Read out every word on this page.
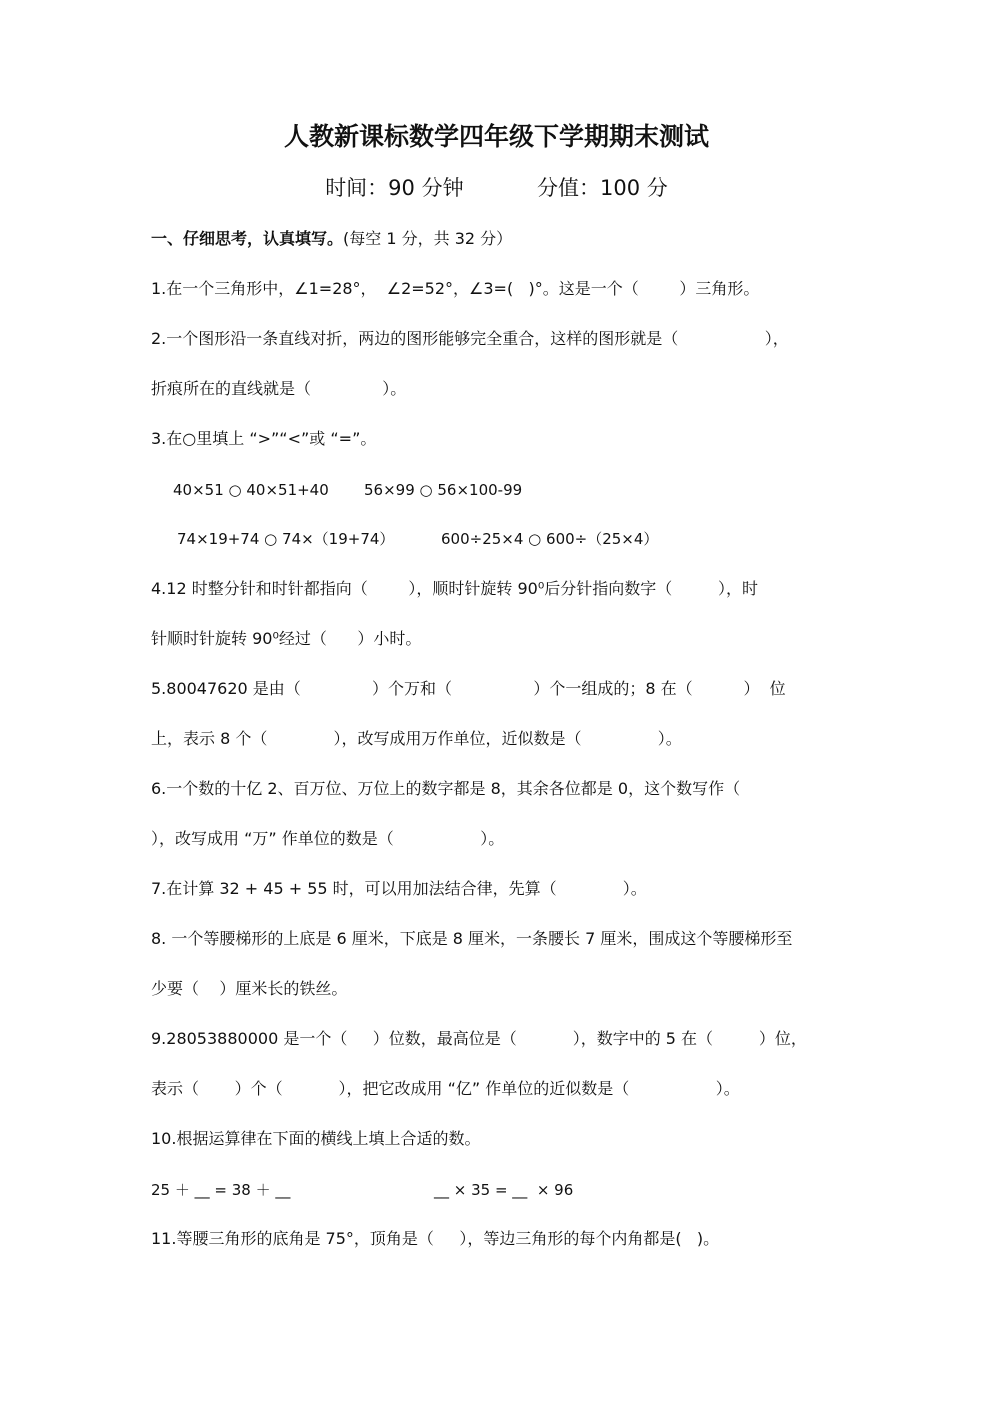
人教新课标数学四年级下学期期末测试
时间：90 分钟	分值：100 分
一、仔细思考，认真填写。(每空 1 分，共 32 分）
1.在一个三角形中，∠1=28°，  ∠2=52°，∠3=(   )°。这是一个（        ）三角形。
2.一个图形沿一条直线对折，两边的图形能够完全重合，这样的图形就是（                 ），
折痕所在的直线就是（              ）。
3.在○里填上 “>”“<”或 “=”。
40×51 ○ 40×51+40 56×99 ○ 56×100-99
74×19+74 ○ 74×（19+74）	600÷25×4 ○ 600÷（25×4）
4.12 时整分针和时针都指向（        ），顺时针旋转 90⁰后分针指向数字（         ），时
针顺时针旋转 90⁰经过（      ）小时。
5.80047620 是由（              ）个万和（                ）个一组成的；8 在（          ）  位
上，表示 8 个（             ），改写成用万作单位，近似数是（               ）。
6.一个数的十亿 2、百万位、万位上的数字都是 8，其余各位都是 0，这个数写作（
），改写成用 “万” 作单位的数是（                 ）。
7.在计算 32 + 45 + 55 时，可以用加法结合律，先算（             ）。
8. 一个等腰梯形的上底是 6 厘米，下底是 8 厘米，一条腰长 7 厘米，围成这个等腰梯形至
少要（    ）厘米长的铁丝。
9.28053880000 是一个（     ）位数，最高位是（           ），数字中的 5 在（         ）位，
表示（       ）个（           ），把它改成用 “亿” 作单位的近似数是（                 ）。
10.根据运算律在下面的横线上填上合适的数。
25 ＋ __ = 38 ＋ __	__ × 35 = __  × 96
11.等腰三角形的底角是 75°，顶角是（     ），等边三角形的每个内角都是(   )。
